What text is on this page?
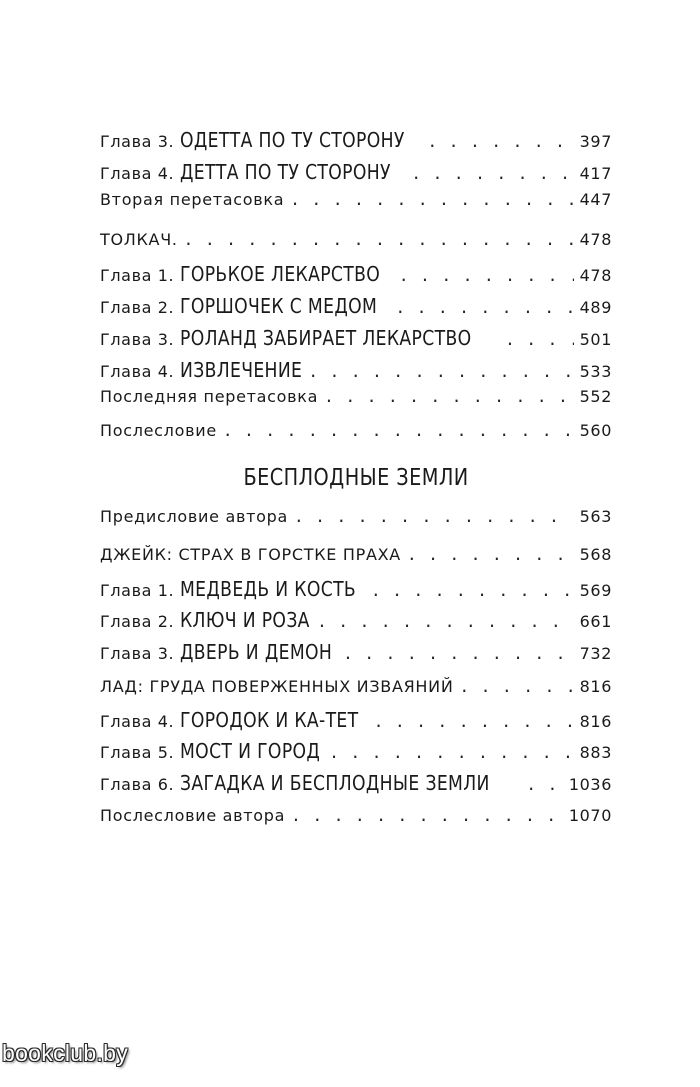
Глава 3. ОДЕТТА ПО ТУ СТОРОНУ . . .	397
Глава 4. ДЕТТА ПО ТУ СТОРОНУ . . .	417
Вторая перетасовка . . .	447
ТОЛКАЧ. . . .	478
Глава 1. ГОРЬКОЕ ЛЕКАРСТВО . . .	478
Глава 2. ГОРШОЧЕК С МЕДОМ . . .	489
Глава 3. РОЛАНД ЗАБИРАЕТ ЛЕКАРСТВО . . .	501
Глава 4. ИЗВЛЕЧЕНИЕ . . .	533
Последняя перетасовка . . .	552
Послесловие . . .	560
БЕСПЛОДНЫЕ ЗЕМЛИ
Предисловие автора . . .	563
ДЖЕЙК: СТРАХ В ГОРСТКЕ ПРАХА . . .	568
Глава 1. МЕДВЕДЬ И КОСТЬ . . .	569
Глава 2. КЛЮЧ И РОЗА . . .	661
Глава 3. ДВЕРЬ И ДЕМОН . . .	732
ЛАД: ГРУДА ПОВЕРЖЕННЫХ ИЗВАЯНИЙ . . .	816
Глава 4. ГОРОДОК И КА-ТЕТ . . .	816
Глава 5. МОСТ И ГОРОД . . .	883
Глава 6. ЗАГАДКА И БЕСПЛОДНЫЕ ЗЕМЛИ . . .	1036
Послесловие автора . . .	1070
bookclub.by
